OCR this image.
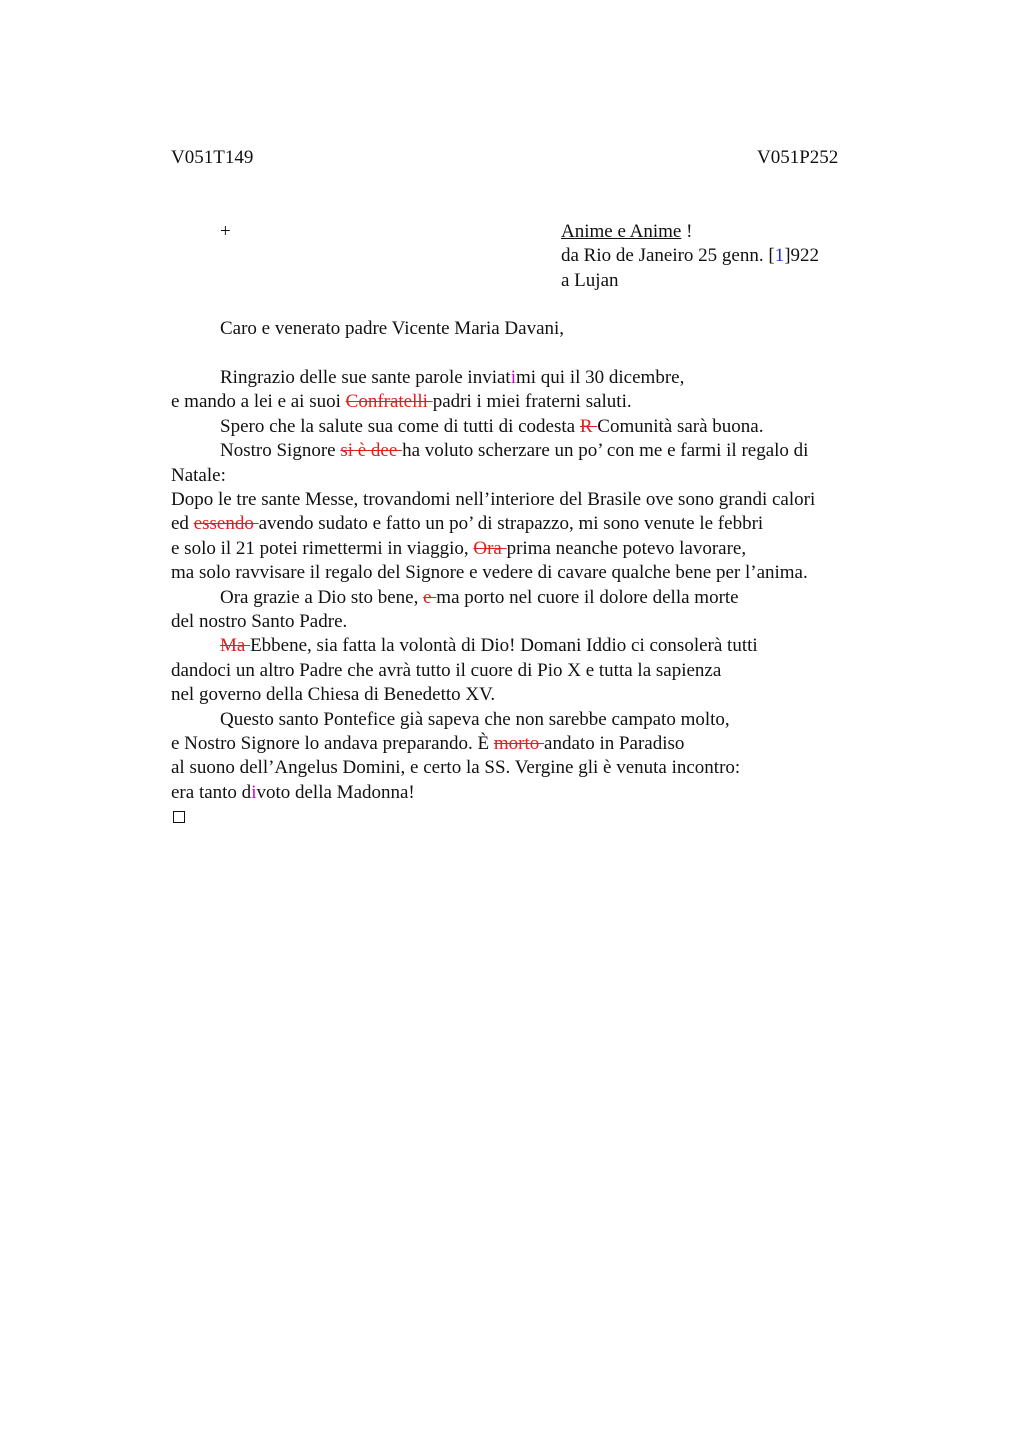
V051T149	V051P252
+	Anime e Anime !
da Rio de Janeiro 25 genn. [1]922
a Lujan
Caro e venerato padre Vicente Maria Davani,
Ringrazio delle sue sante parole inviatimi qui il 30 dicembre,
e mando a lei e ai suoi Confratelli padri i miei fraterni saluti.
Spero che la salute sua come di tutti di codesta R Comunità sarà buona.
Nostro Signore si è dee ha voluto scherzare un po’ con me e farmi il regalo di
Natale:
Dopo le tre sante Messe, trovandomi nell’interiore del Brasile ove sono grandi calori
ed essendo avendo sudato e fatto un po’ di strapazzo, mi sono venute le febbri
e solo il 21 potei rimettermi in viaggio, Ora prima neanche potevo lavorare,
ma solo ravvisare il regalo del Signore e vedere di cavare qualche bene per l’anima.
Ora grazie a Dio sto bene, e ma porto nel cuore il dolore della morte
del nostro Santo Padre.
Ma Ebbene, sia fatta la volontà di Dio! Domani Iddio ci consolerà tutti
dandoci un altro Padre che avrà tutto il cuore di Pio X e tutta la sapienza
nel governo della Chiesa di Benedetto XV.
Questo santo Pontefice già sapeva che non sarebbe campato molto,
e Nostro Signore lo andava preparando. È morto andato in Paradiso
al suono dell’Angelus Domini, e certo la SS. Vergine gli è venuta incontro:
era tanto divoto della Madonna!
